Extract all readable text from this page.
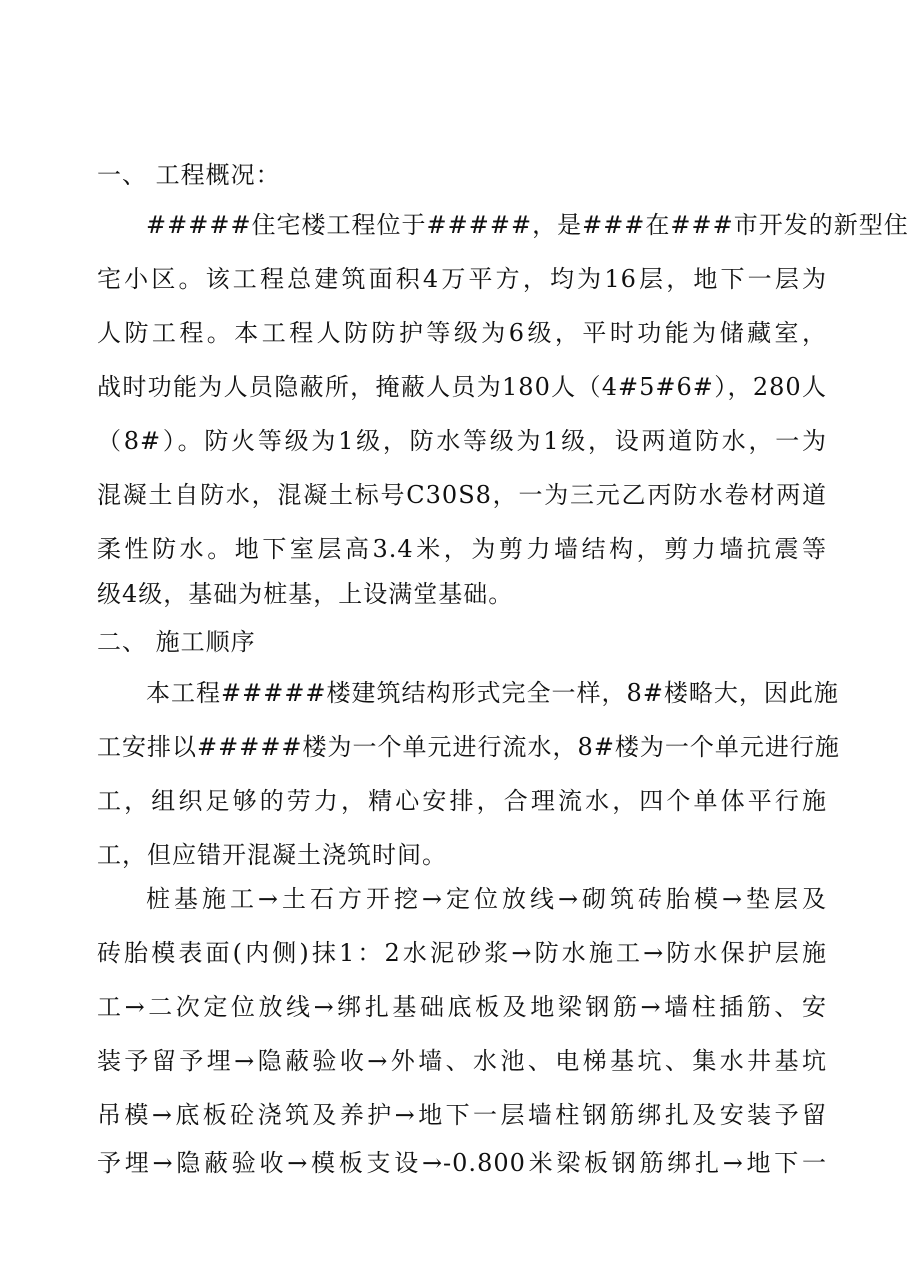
一、 工程概况：
#####住宅楼工程位于#####，是###在###市开发的新型住
宅小区。该工程总建筑面积4万平方，均为16层，地下一层为
人防工程。本工程人防防护等级为6级，平时功能为储藏室，
战时功能为人员隐蔽所，掩蔽人员为180人（4#5#6#），280人
（8#）。防火等级为1级，防水等级为1级，设两道防水，一为
混凝土自防水，混凝土标号C30S8，一为三元乙丙防水卷材两道
柔性防水。地下室层高3.4米，为剪力墙结构，剪力墙抗震等
级4级，基础为桩基，上设满堂基础。
二、 施工顺序
本工程#####楼建筑结构形式完全一样，8#楼略大，因此施
工安排以#####楼为一个单元进行流水，8#楼为一个单元进行施
工，组织足够的劳力，精心安排，合理流水，四个单体平行施
工，但应错开混凝土浇筑时间。
桩基施工→土石方开挖→定位放线→砌筑砖胎模→垫层及
砖胎模表面(内侧)抹1：2水泥砂浆→防水施工→防水保护层施
工→二次定位放线→绑扎基础底板及地梁钢筋→墙柱插筋、安
装予留予埋→隐蔽验收→外墙、水池、电梯基坑、集水井基坑
吊模→底板砼浇筑及养护→地下一层墙柱钢筋绑扎及安装予留
予埋→隐蔽验收→模板支设→-0.800米梁板钢筋绑扎→地下一
